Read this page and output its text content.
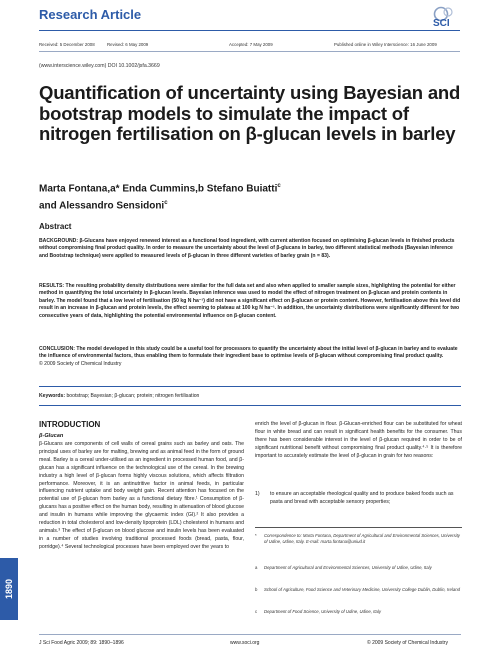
Research Article
SCI
Received: 5 December 2008	Revised: 6 May 2009	Accepted: 7 May 2009	Published online in Wiley Interscience: 16 June 2009
(www.interscience.wiley.com) DOI 10.1002/jsfa.3669
Quantification of uncertainty using Bayesian and bootstrap models to simulate the impact of nitrogen fertilisation on β-glucan levels in barley
Marta Fontana,a* Enda Cummins,b Stefano Buiatti$^c$
and Alessandro Sensidoni$^c$
Abstract
BACKGROUND: β-Glucans have enjoyed renewed interest as a functional food ingredient, with current attention focused on optimising β-glucan levels in finished products without compromising final product quality. In order to measure the uncertainty about the level of β-glucans in barley, two different statistical methods (Bayesian inference and Bootstrap technique) were applied to measured levels of β-glucan in three different varieties of barley grain (n = 83).
RESULTS: The resulting probability density distributions were similar for the full data set and also when applied to smaller sample sizes, highlighting the potential for either method in quantifying the total uncertainty in β-glucan levels. Bayesian inference was used to model the effect of nitrogen treatment on β-glucan and protein contents in barley. The model found that a low level of fertilisation (50 kg N ha⁻¹) did not have a significant effect on β-glucan or protein content. However, fertilisation above this level did result in an increase in β-glucan and protein levels, the effect seeming to plateau at 100 kg N ha⁻¹. In addition, the uncertainty distributions were significantly different for two consecutive years of data, highlighting the potential environmental influence on β-glucan content.
CONCLUSION: The model developed in this study could be a useful tool for processors to quantify the uncertainty about the initial level of β-glucan in barley and to evaluate the influence of environmental factors, thus enabling them to formulate their ingredient base to optimise levels of β-glucan without compromising final product quality.
© 2009 Society of Chemical Industry
Keywords: bootstrap; Bayesian; β-glucan; protein; nitrogen fertilisation
INTRODUCTION
β-Glucan
β-Glucans are components of cell walls of cereal grains such as barley and oats. The principal uses of barley are for malting, brewing and as animal feed in the form of ground meal. Barley is a cereal under-utilised as an ingredient in processed human food, and β-glucan has a significant influence on the technological use of the cereal. In the brewing industry a high level of β-glucan forms highly viscous solutions, which affects filtration performance. Moreover, it is an antinutritive factor in animal feeds, in particular influencing nutrient uptake and body weight gain. Recent attention has focused on the potential use of β-glucan from barley as a functional dietary fibre.¹ Consumption of β-glucans has a positive effect on the human body, resulting in attenuation of blood glucose and insulin in humans while improving the glycaemic index (GI).² It also provides a reduction in total cholesterol and low-density lipoprotein (LDL) cholesterol in humans and animals.³ The effect of β-glucan on blood glucose and insulin levels has been evaluated in a number of studies involving traditional processed foods (bread, pasta, flour, porridge).⁴ Several technological processes have been employed over the years to
enrich the level of β-glucan in flour. β-Glucan-enriched flour can be substituted for wheat flour in white bread and can result in significant health benefits for the consumer. Thus there has been considerable interest in the level of β-glucan required in order to be of significant nutritional benefit without compromising final product quality.⁴·⁵ It is therefore important to accurately estimate the level of β-glucan in grain for two reasons:
1) to ensure an acceptable rheological quality and to produce baked foods such as pasta and bread with acceptable sensory properties;
* Correspondence to: Marta Fontana, Department of Agricultural and Environmental Sciences, University of Udine, Udine, Italy. E-mail: marta.fontana@uniud.it
a Department of Agricultural and Environmental Sciences, University of Udine, Udine, Italy
b School of Agriculture, Food Science and Veterinary Medicine, University College Dublin, Dublin, Ireland
c Department of Food Science, University of Udine, Udine, Italy
1890
J Sci Food Agric 2009; 89: 1890–1896	www.soci.org	© 2009 Society of Chemical Industry
